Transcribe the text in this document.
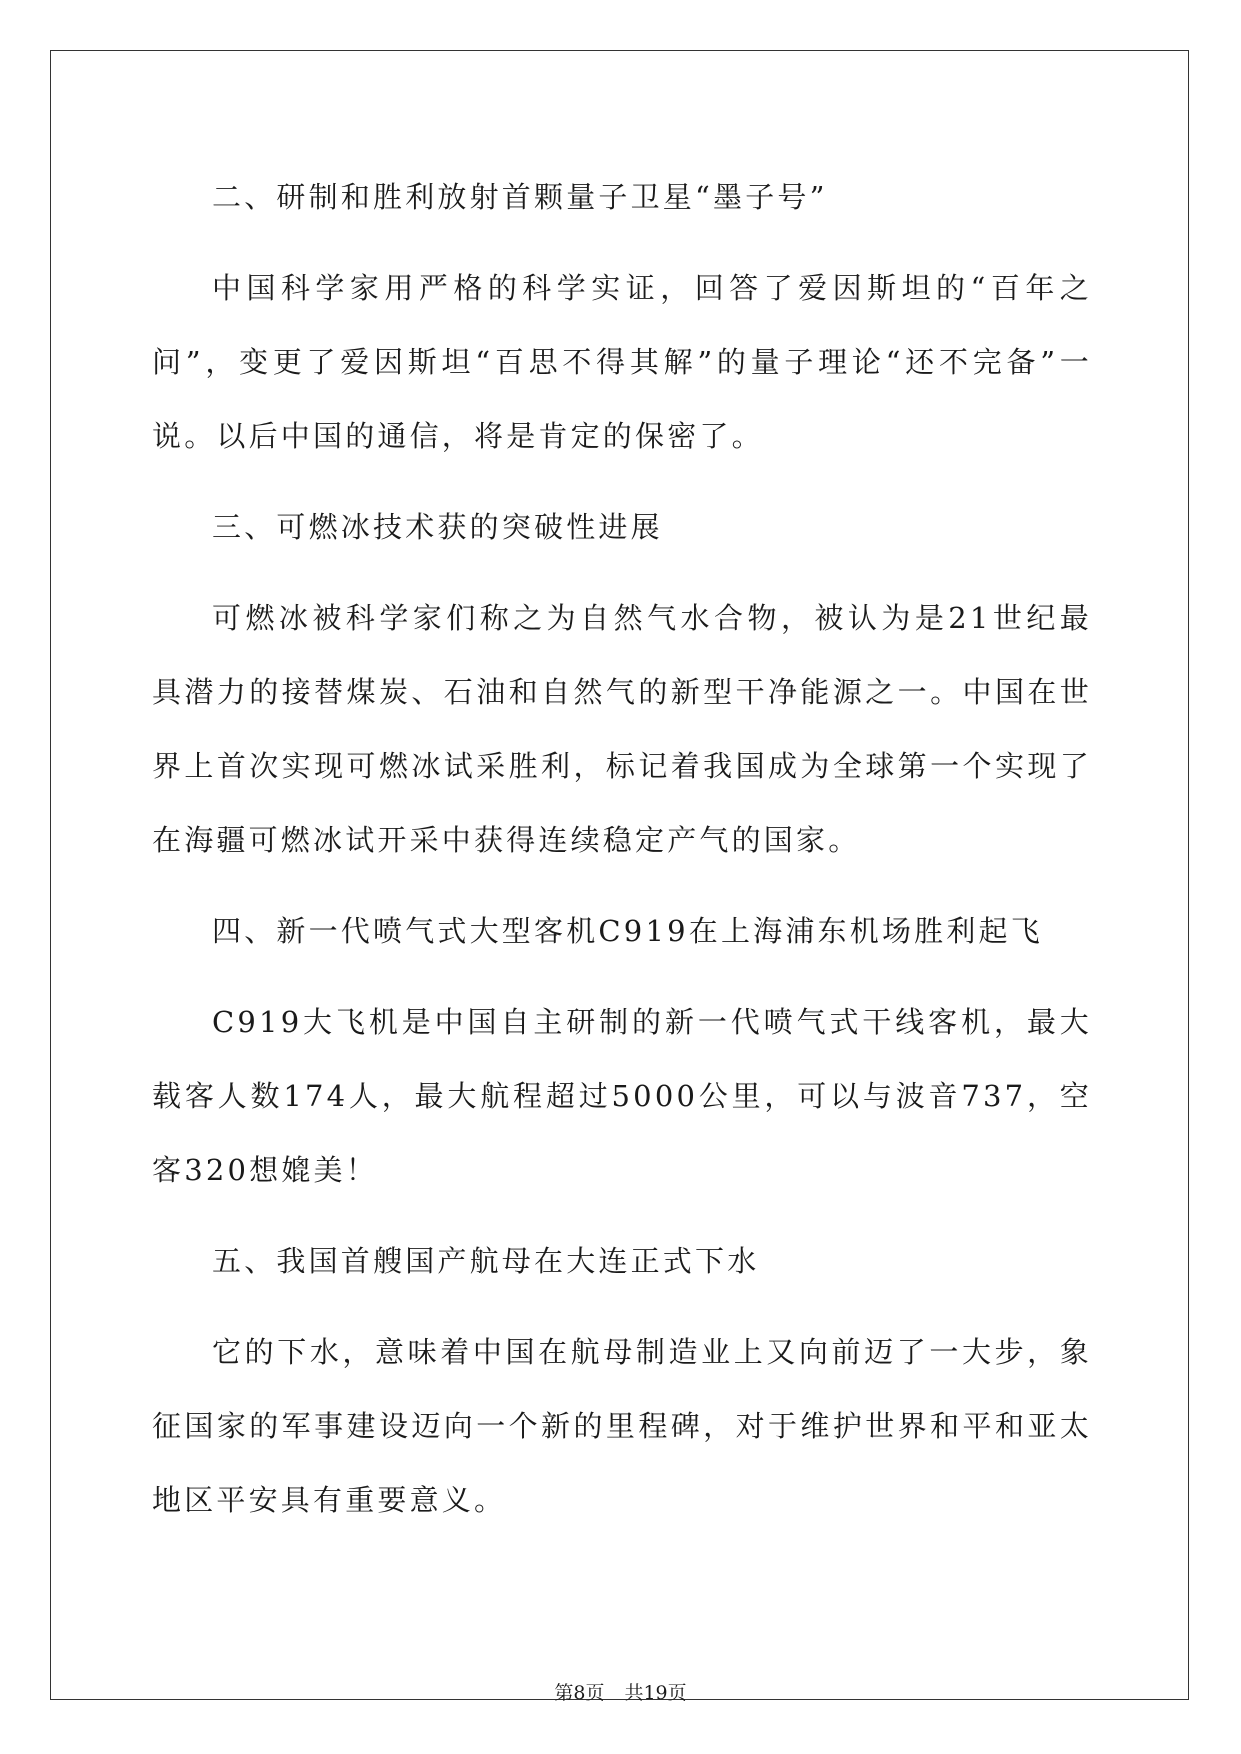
二、研制和胜利放射首颗量子卫星“墨子号”

中国科学家用严格的科学实证，回答了爱因斯坦的“百年之问”，变更了爱因斯坦“百思不得其解”的量子理论“还不完备”一说。以后中国的通信，将是肯定的保密了。

三、可燃冰技术获的突破性进展

可燃冰被科学家们称之为自然气水合物，被认为是21世纪最具潜力的接替煤炭、石油和自然气的新型干净能源之一。中国在世界上首次实现可燃冰试采胜利，标记着我国成为全球第一个实现了在海疆可燃冰试开采中获得连续稳定产气的国家。

四、新一代喷气式大型客机C919在上海浦东机场胜利起飞

C919大飞机是中国自主研制的新一代喷气式干线客机，最大载客人数174人，最大航程超过5000公里，可以与波音737，空客320想媲美！

五、我国首艘国产航母在大连正式下水

它的下水，意味着中国在航母制造业上又向前迈了一大步，象征国家的军事建设迈向一个新的里程碑，对于维护世界和平和亚太地区平安具有重要意义。

第8页 共19页
